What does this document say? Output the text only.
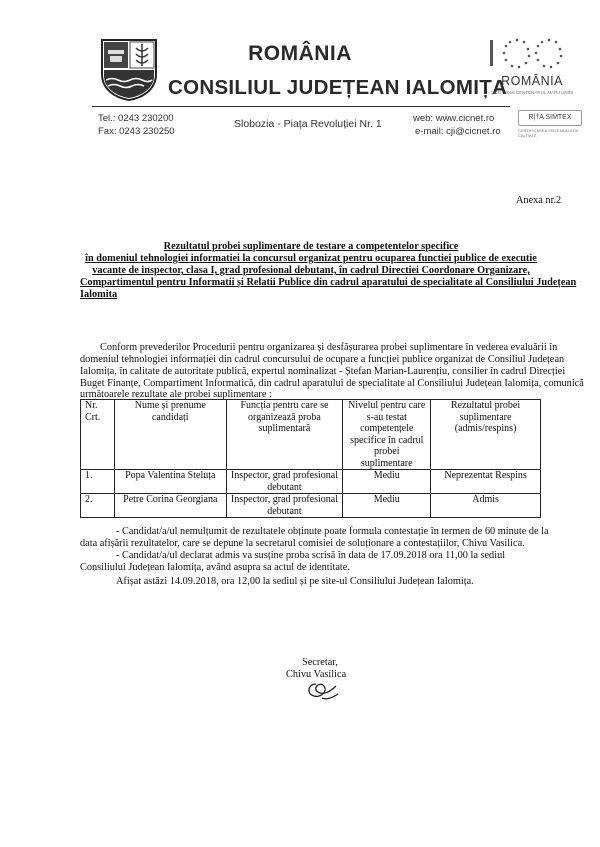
ROMÂNIA
CONSILIUL JUDEȚEAN IALOMIȚA
ROMÂNIA
1918 · 2018 CENTENARUL MARII UNIRI
Tel.: 0243 230200
Fax: 0243 230250
Slobozia - Piața Revoluției Nr. 1	web: www.cicnet.ro
e-mail: cji@cicnet.ro
R|†A SIMTEX
CERTIFICAREA SISTEMULUI DE CALITATE
Anexa nr.2
Rezultatul probei suplimentare de testare a competentelor specifice
în domeniul tehnologiei informatiei la concursul organizat pentru ocuparea functiei publice de executie
vacante de inspector, clasa I, grad profesional debutant, în cadrul Directiei Coordonare Organizare,
Compartimentul pentru Informatii și Relatii Publice din cadrul aparatului de specialitate al Consiliului Județean
Ialomita
Conform prevederilor Procedurii pentru organizarea și desfășurarea probei suplimentare în vederea evaluării în
domeniul tehnologiei informației din cadrul concursului de ocupare a funcției publice organizat de Consiliul Județean
Ialomița, în calitate de autoritate publică, expertul nominalizat - Ștefan Marian-Laurențiu, consilier în cadrul Direcției
Buget Finanțe, Compartiment Informatică, din cadrul aparatului de specialitate al Consiliului Județean Ialomița, comunică
următoarele rezultate ale probei suplimentare :
Nr. Crt.	Nume și prenume candidați	Funcția pentru care se organizează proba suplimentară	Nivelul pentru care s-au testat competențele specifice în cadrul probei suplimentare	Rezultatul probei suplimentare (admis/respins)
1.	Popa Valentina Steluța	Inspector, grad profesional debutant	Mediu	Neprezentat Respins
2.	Petre Corina Georgiana	Inspector, grad profesional debutant	Mediu	Admis
- Candidat/a/ul nemulțumit de rezultatele obținute poate formula contestație în termen de 60 minute de la
data afișării rezultatelor, care se depune la secretarul comisiei de soluționare a contestațiilor, Chivu Vasilica.
- Candidat/a/ul declarat admis va susține proba scrisă în data de 17.09.2018 ora 11,00 la sediul
Consiliului Județean Ialomița, având asupra sa actul de identitate.
Afișat astăzi 14.09.2018, ora 12,00 la sediul și pe site-ul Consiliului Județean Ialomița.
Secretar,
Chivu Vasilica
